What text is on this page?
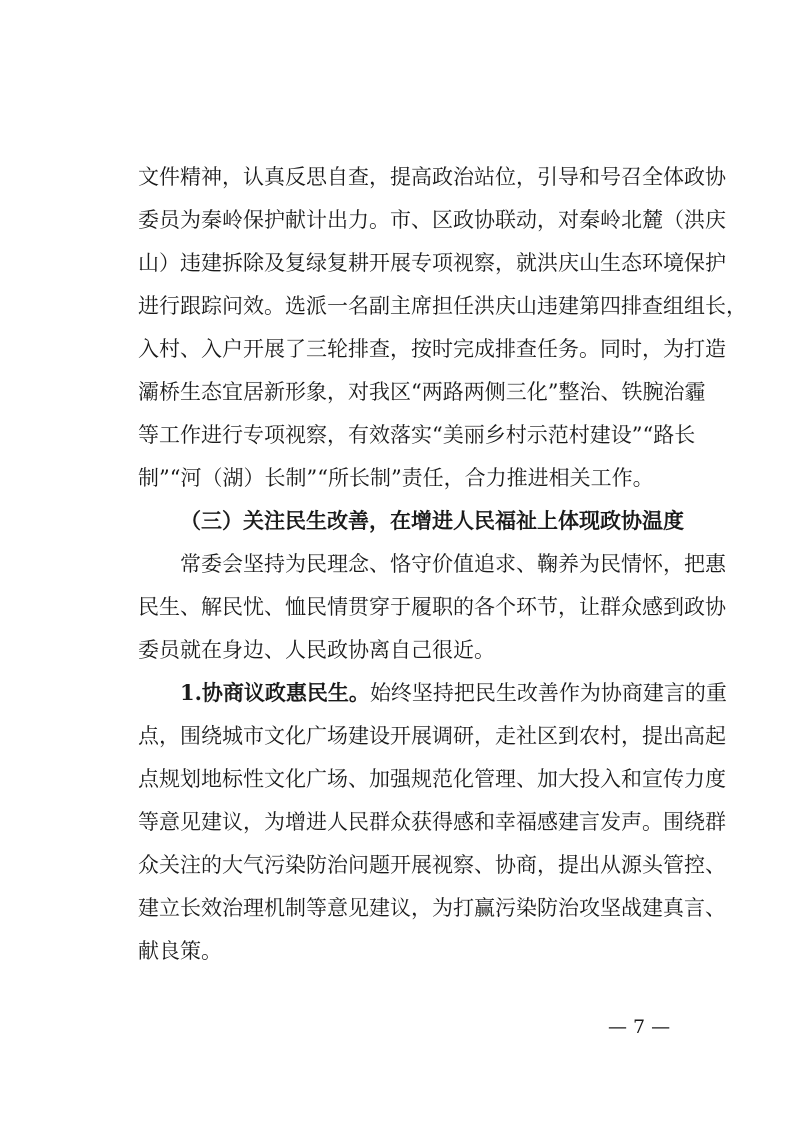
文件精神，认真反思自查，提高政治站位，引导和号召全体政协
委员为秦岭保护献计出力。市、区政协联动，对秦岭北麓（洪庆
山）违建拆除及复绿复耕开展专项视察，就洪庆山生态环境保护
进行跟踪问效。选派一名副主席担任洪庆山违建第四排查组组长，
入村、入户开展了三轮排查，按时完成排查任务。同时，为打造
灞桥生态宜居新形象，对我区“两路两侧三化”整治、铁腕治霾
等工作进行专项视察，有效落实“美丽乡村示范村建设”“路长
制”“河（湖）长制”“所长制”责任，合力推进相关工作。
（三）关注民生改善，在增进人民福祉上体现政协温度
常委会坚持为民理念、恪守价值追求、鞠养为民情怀，把惠
民生、解民忧、恤民情贯穿于履职的各个环节，让群众感到政协
委员就在身边、人民政协离自己很近。
1.协商议政惠民生。始终坚持把民生改善作为协商建言的重
点，围绕城市文化广场建设开展调研，走社区到农村，提出高起
点规划地标性文化广场、加强规范化管理、加大投入和宣传力度
等意见建议，为增进人民群众获得感和幸福感建言发声。围绕群
众关注的大气污染防治问题开展视察、协商，提出从源头管控、
建立长效治理机制等意见建议，为打赢污染防治攻坚战建真言、
献良策。
— 7 —
